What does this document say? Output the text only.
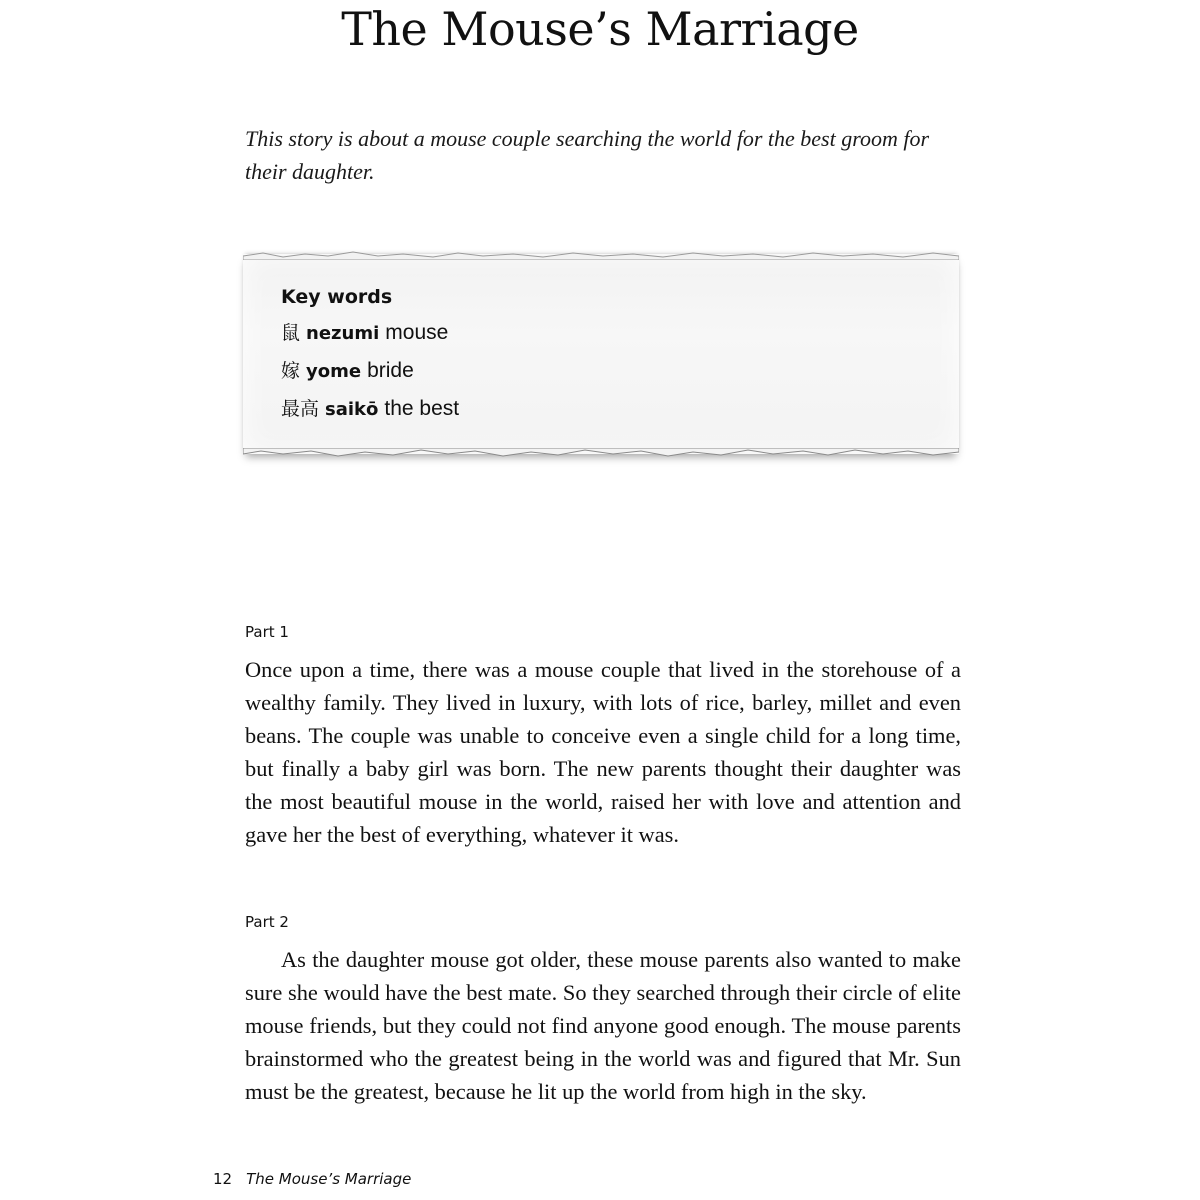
The Mouse’s Marriage

This story is about a mouse couple searching the world for the best groom for their daughter.

Key words
鼠 nezumi mouse
嫁 yome bride
最高 saikō the best
Part 1

Once upon a time, there was a mouse couple that lived in the storehouse of a wealthy family. They lived in luxury, with lots of rice, barley, millet and even beans. The couple was unable to conceive even a single child for a long time, but finally a baby girl was born. The new parents thought their daughter was the most beautiful mouse in the world, raised her with love and attention and gave her the best of everything, whatever it was.

Part 2

As the daughter mouse got older, these mouse parents also wanted to make sure she would have the best mate. So they searched through their circle of elite mouse friends, but they could not find anyone good enough. The mouse parents brainstormed who the greatest being in the world was and figured that Mr. Sun must be the greatest, because he lit up the world from high in the sky.

12 The Mouse’s Marriage
